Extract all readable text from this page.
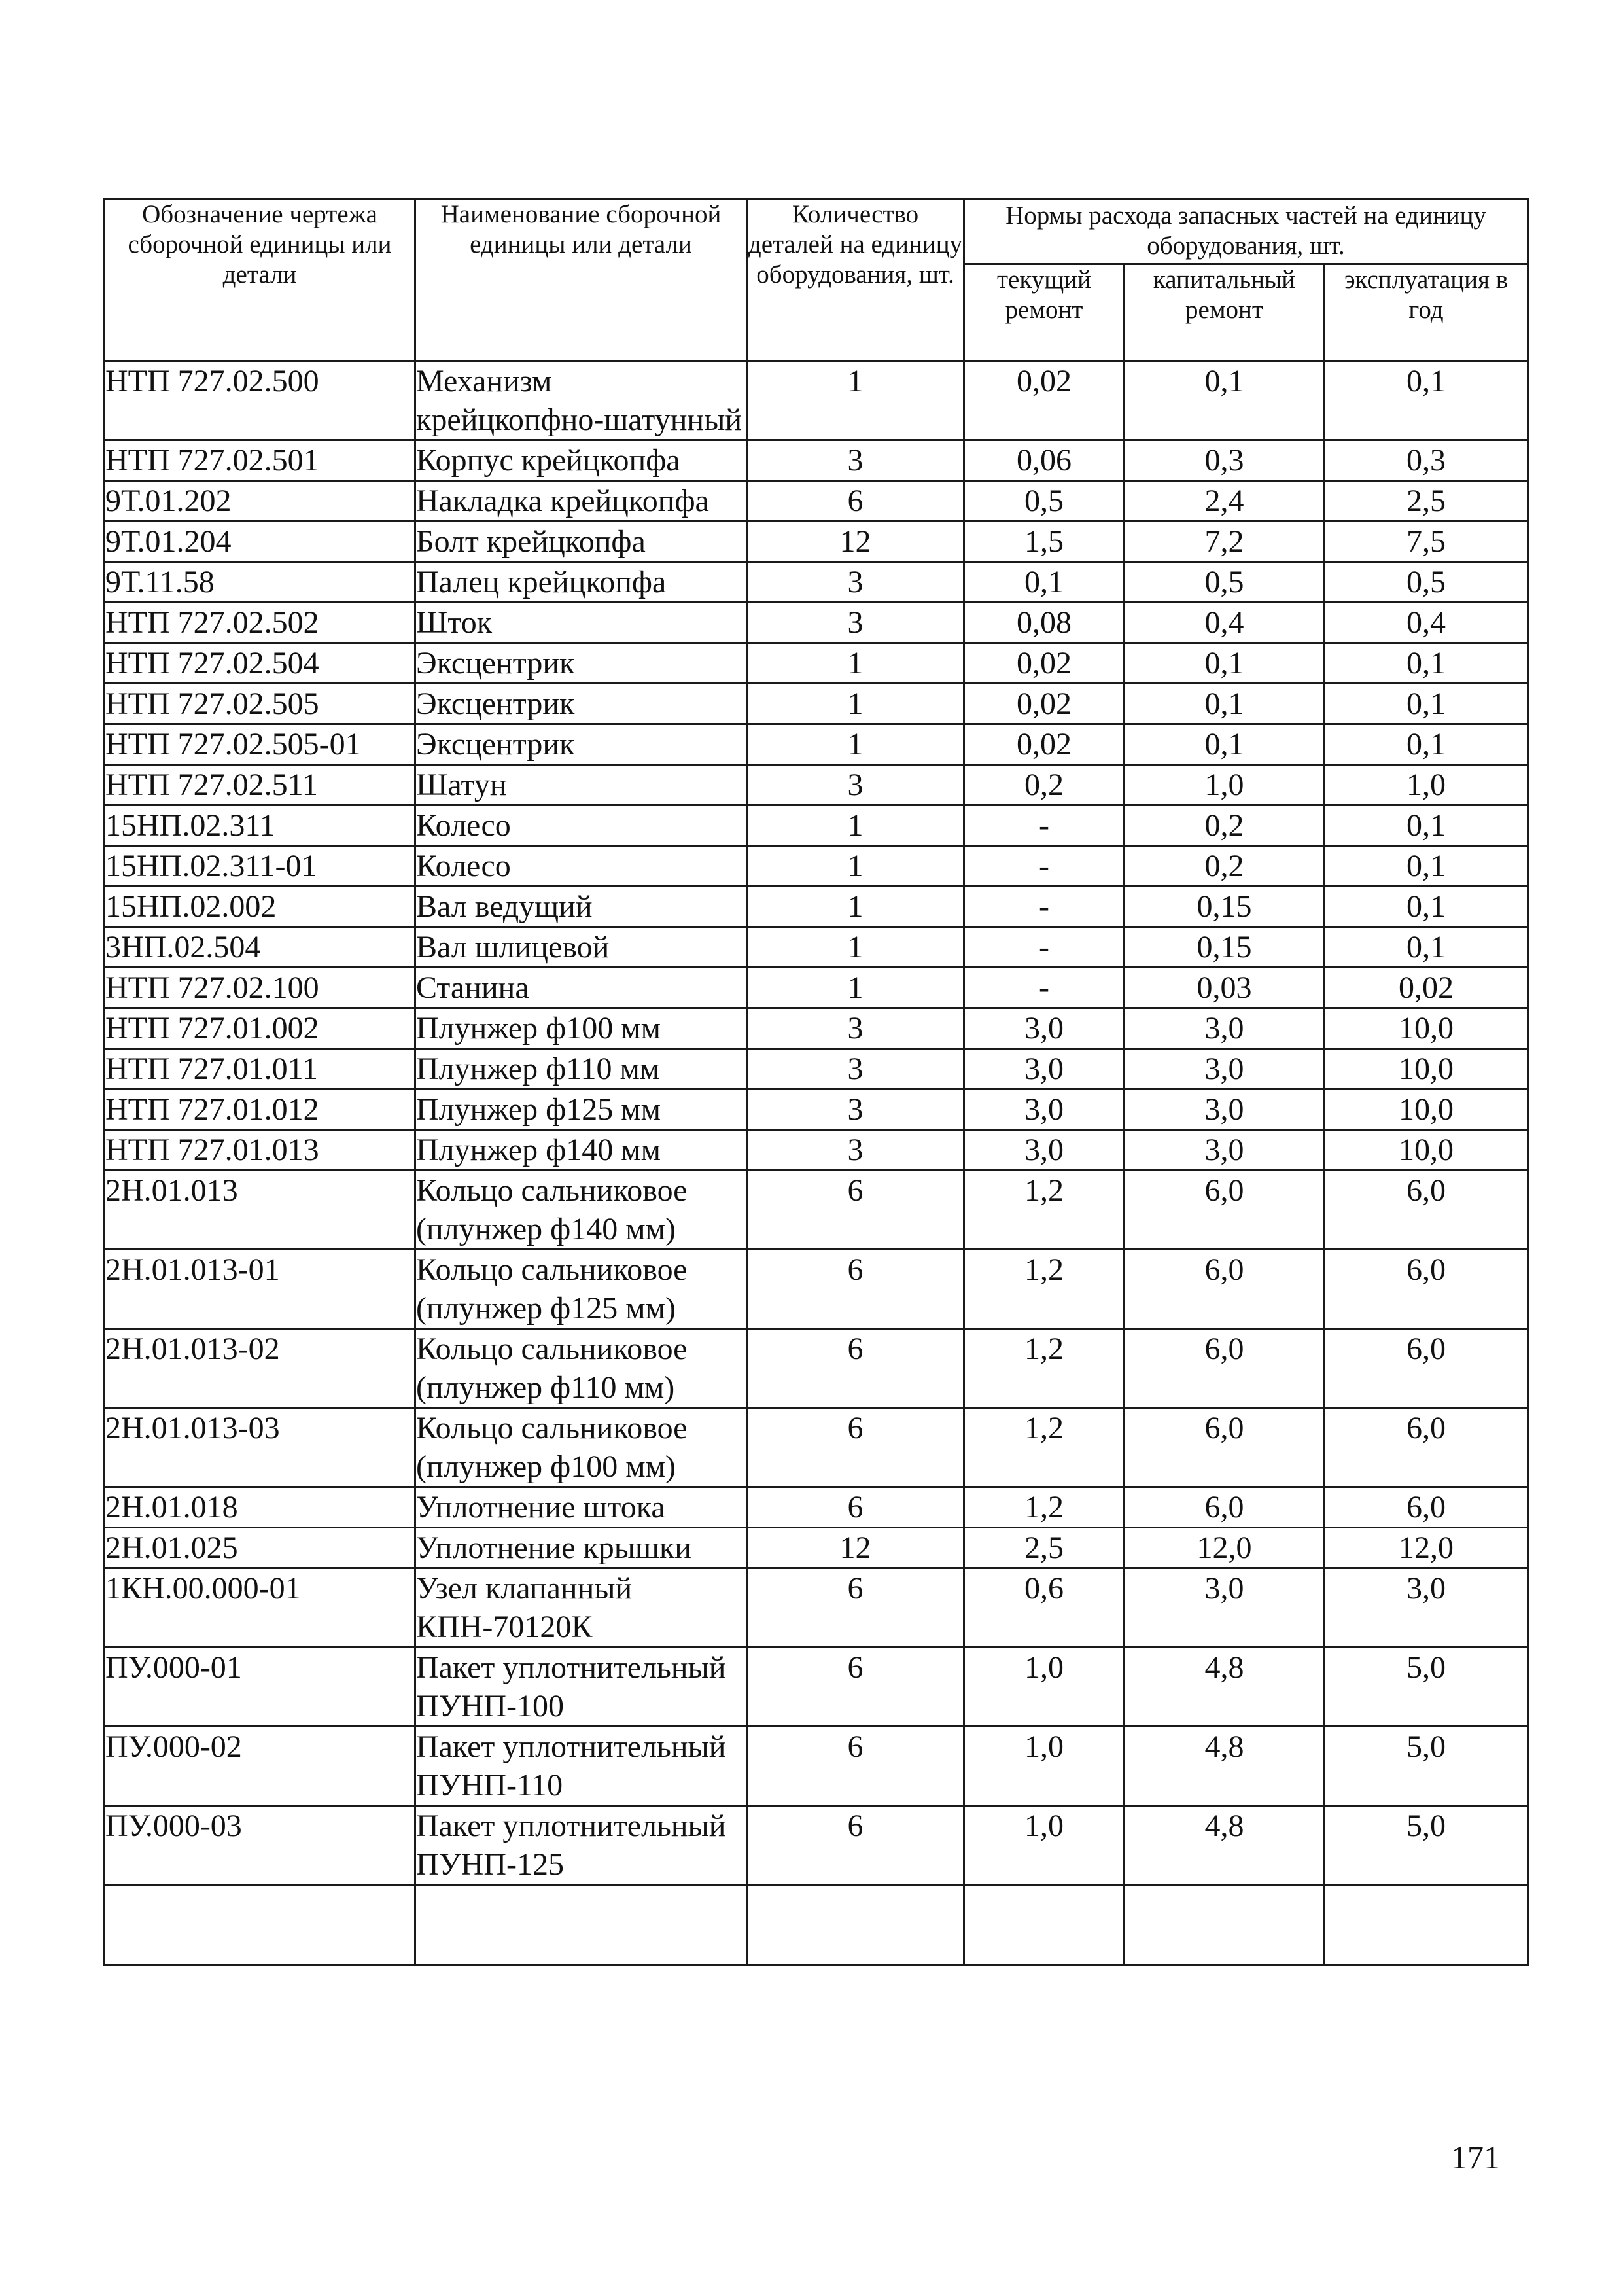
Обозначение чертежа сборочной единицы или детали	Наименование сборочной единицы или детали	Количество деталей на единицу оборудования, шт.	Нормы расхода запасных частей на единицу оборудования, шт.		
			текущий ремонт	капитальный ремонт	эксплуатация в год
НТП 727.02.500	Механизм крейцкопфно-шатунный	1	0,02	0,1	0,1
НТП 727.02.501	Корпус крейцкопфа	3	0,06	0,3	0,3
9Т.01.202	Накладка крейцкопфа	6	0,5	2,4	2,5
9Т.01.204	Болт крейцкопфа	12	1,5	7,2	7,5
9Т.11.58	Палец крейцкопфа	3	0,1	0,5	0,5
НТП 727.02.502	Шток	3	0,08	0,4	0,4
НТП 727.02.504	Эксцентрик	1	0,02	0,1	0,1
НТП 727.02.505	Эксцентрик	1	0,02	0,1	0,1
НТП 727.02.505-01	Эксцентрик	1	0,02	0,1	0,1
НТП 727.02.511	Шатун	3	0,2	1,0	1,0
15НП.02.311	Колесо	1	-	0,2	0,1
15НП.02.311-01	Колесо	1	-	0,2	0,1
15НП.02.002	Вал ведущий	1	-	0,15	0,1
3НП.02.504	Вал шлицевой	1	-	0,15	0,1
НТП 727.02.100	Станина	1	-	0,03	0,02
НТП 727.01.002	Плунжер ф100 мм	3	3,0	3,0	10,0
НТП 727.01.011	Плунжер ф110 мм	3	3,0	3,0	10,0
НТП 727.01.012	Плунжер ф125 мм	3	3,0	3,0	10,0
НТП 727.01.013	Плунжер ф140 мм	3	3,0	3,0	10,0
2Н.01.013	Кольцо сальниковое (плунжер ф140 мм)	6	1,2	6,0	6,0
2Н.01.013-01	Кольцо сальниковое (плунжер ф125 мм)	6	1,2	6,0	6,0
2Н.01.013-02	Кольцо сальниковое (плунжер ф110 мм)	6	1,2	6,0	6,0
2Н.01.013-03	Кольцо сальниковое (плунжер ф100 мм)	6	1,2	6,0	6,0
2Н.01.018	Уплотнение штока	6	1,2	6,0	6,0
2Н.01.025	Уплотнение крышки	12	2,5	12,0	12,0
1КН.00.000-01	Узел клапанный КПН-70120К	6	0,6	3,0	3,0
ПУ.000-01	Пакет уплотнительный ПУНП-100	6	1,0	4,8	5,0
ПУ.000-02	Пакет уплотнительный ПУНП-110	6	1,0	4,8	5,0
ПУ.000-03	Пакет уплотнительный ПУНП-125	6	1,0	4,8	5,0

171
